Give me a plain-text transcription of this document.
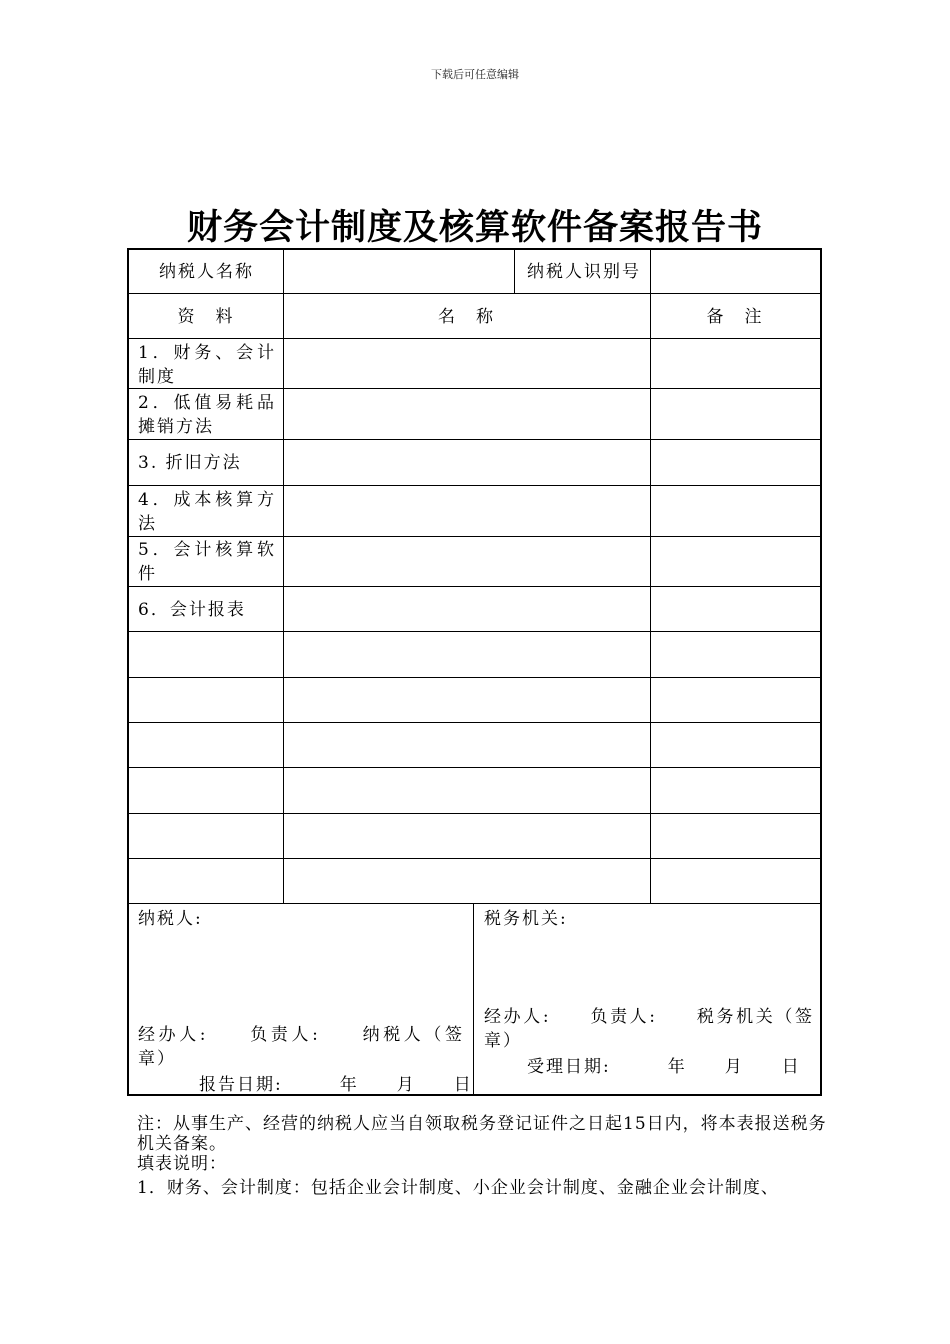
下载后可任意编辑
财务会计制度及核算软件备案报告书
纳税人名称	纳税人识别号
资　料	名　称	备　注
1．财务、会计制度
2．低值易耗品摊销方法
3. 折旧方法
4．成本核算方法
5．会计核算软件
6．会计报表
纳税人:
经办人:　　负责人:　　纳税人（签章）
报告日期:　　　年　　月　　日
税务机关:
经办人:　　负责人:　　税务机关（签章）
受理日期:　　　年　　月　　日
注：从事生产、经营的纳税人应当自领取税务登记证件之日起15日内，将本表报送税务机关备案。
填表说明：
1．财务、会计制度：包括企业会计制度、小企业会计制度、金融企业会计制度、
